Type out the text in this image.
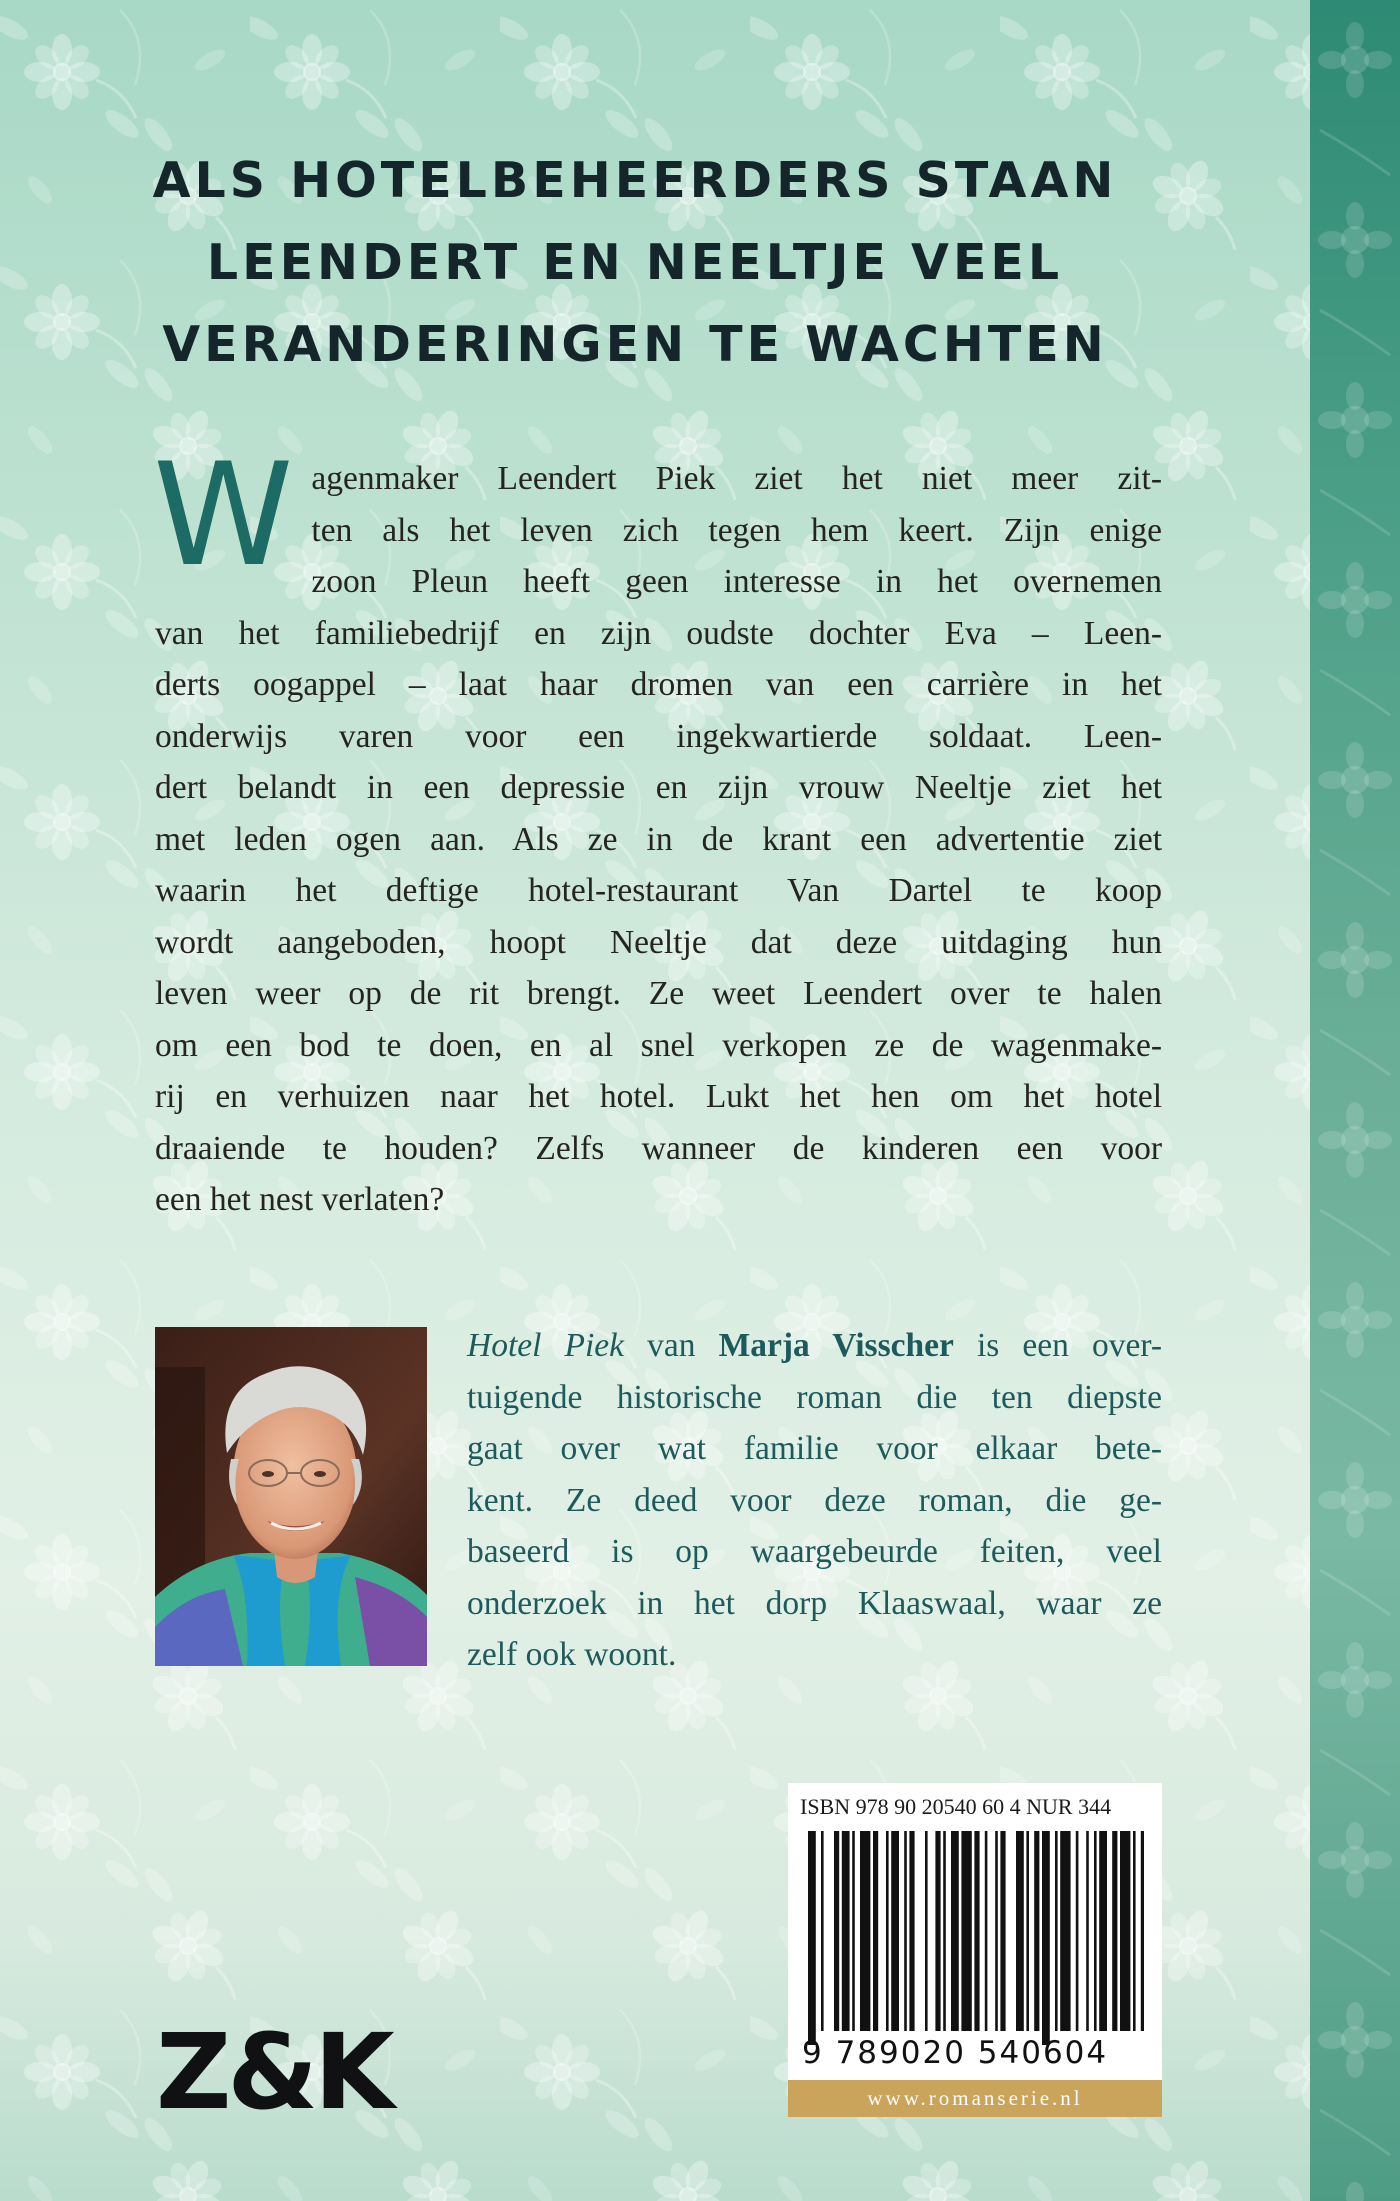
ALS HOTELBEHEERDERS STAAN
LEENDERT EN NEELTJE VEEL
VERANDERINGEN TE WACHTEN
W agenmaker Leendert Piek ziet het niet meer zit-
ten als het leven zich tegen hem keert. Zijn enige
zoon Pleun heeft geen interesse in het overnemen
van het familiebedrijf en zijn oudste dochter Eva – Leen-
derts oogappel – laat haar dromen van een carrière in het
onderwijs varen voor een ingekwartierde soldaat. Leen-
dert belandt in een depressie en zijn vrouw Neeltje ziet het
met leden ogen aan. Als ze in de krant een advertentie ziet
waarin het deftige hotel-restaurant Van Dartel te koop
wordt aangeboden, hoopt Neeltje dat deze uitdaging hun
leven weer op de rit brengt. Ze weet Leendert over te halen
om een bod te doen, en al snel verkopen ze de wagenmake-
rij en verhuizen naar het hotel. Lukt het hen om het hotel
draaiende te houden? Zelfs wanneer de kinderen een voor
een het nest verlaten?
Hotel Piek van Marja Visscher is een over-
tuigende historische roman die ten diepste
gaat over wat familie voor elkaar bete-
kent. Ze deed voor deze roman, die ge-
baseerd is op waargebeurde feiten, veel
onderzoek in het dorp Klaaswaal, waar ze
zelf ook woont.
ISBN 978 90 20540 60 4 NUR 344
9 789020 540604
www.romanserie.nl
Z&K
